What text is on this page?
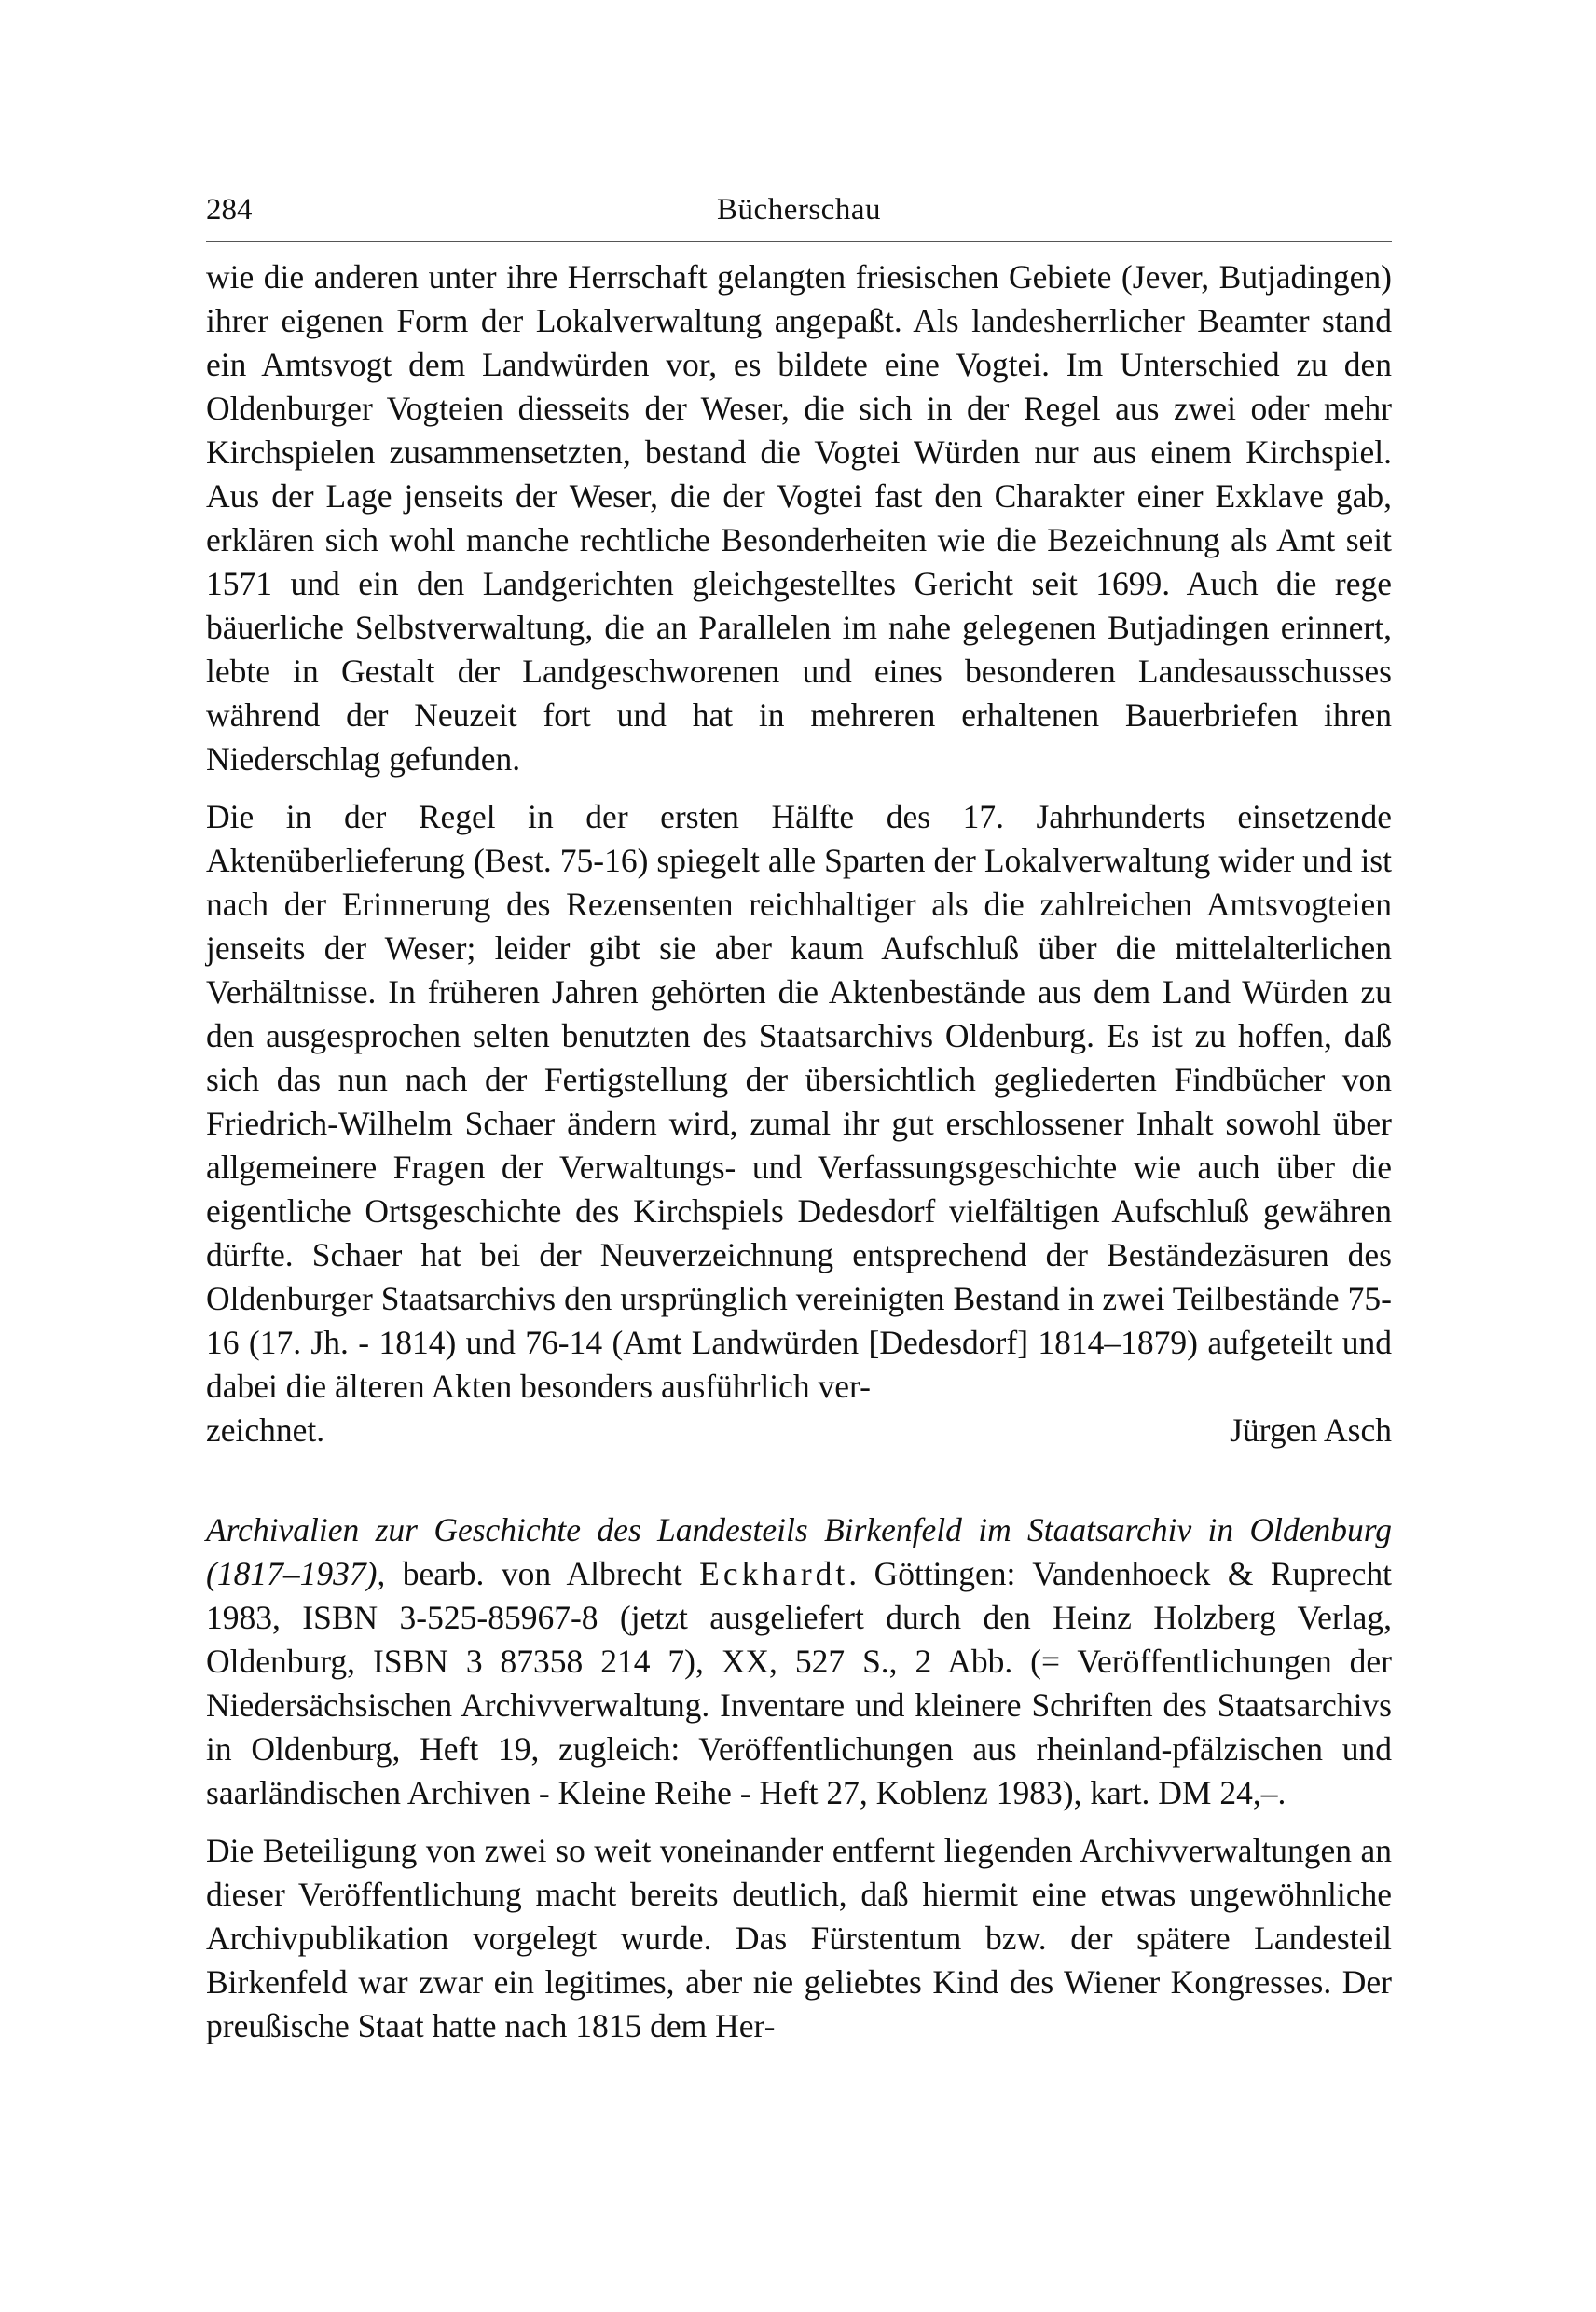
284	Bücherschau

wie die anderen unter ihre Herrschaft gelangten friesischen Gebiete (Jever, Butjadingen) ihrer eigenen Form der Lokalverwaltung angepaßt. Als landesherrlicher Beamter stand ein Amtsvogt dem Landwürden vor, es bildete eine Vogtei. Im Unterschied zu den Oldenburger Vogteien diesseits der Weser, die sich in der Regel aus zwei oder mehr Kirchspielen zusammensetzten, bestand die Vogtei Würden nur aus einem Kirchspiel. Aus der Lage jenseits der Weser, die der Vogtei fast den Charakter einer Exklave gab, erklären sich wohl manche rechtliche Besonderheiten wie die Bezeichnung als Amt seit 1571 und ein den Landgerichten gleichgestelltes Gericht seit 1699. Auch die rege bäuerliche Selbstverwaltung, die an Parallelen im nahe gelegenen Butjadingen erinnert, lebte in Gestalt der Landgeschworenen und eines besonderen Landesausschusses während der Neuzeit fort und hat in mehreren erhaltenen Bauerbriefen ihren Niederschlag gefunden.

Die in der Regel in der ersten Hälfte des 17. Jahrhunderts einsetzende Aktenüberlieferung (Best. 75-16) spiegelt alle Sparten der Lokalverwaltung wider und ist nach der Erinnerung des Rezensenten reichhaltiger als die zahlreichen Amtsvogteien jenseits der Weser; leider gibt sie aber kaum Aufschluß über die mittelalterlichen Verhältnisse. In früheren Jahren gehörten die Aktenbestände aus dem Land Würden zu den ausgesprochen selten benutzten des Staatsarchivs Oldenburg. Es ist zu hoffen, daß sich das nun nach der Fertigstellung der übersichtlich gegliederten Findbücher von Friedrich-Wilhelm Schaer ändern wird, zumal ihr gut erschlossener Inhalt sowohl über allgemeinere Fragen der Verwaltungs- und Verfassungsgeschichte wie auch über die eigentliche Ortsgeschichte des Kirchspiels Dedesdorf vielfältigen Aufschluß gewähren dürfte. Schaer hat bei der Neuverzeichnung entsprechend der Beständezäsuren des Oldenburger Staatsarchivs den ursprünglich vereinigten Bestand in zwei Teilbestände 75-16 (17. Jh. - 1814) und 76-14 (Amt Landwürden [Dedesdorf] 1814–1879) aufgeteilt und dabei die älteren Akten besonders ausführlich ver-

zeichnet.	Jürgen Asch

Archivalien zur Geschichte des Landesteils Birkenfeld im Staatsarchiv in Oldenburg (1817–1937), bearb. von Albrecht Eckhardt. Göttingen: Vandenhoeck & Ruprecht 1983, ISBN 3-525-85967-8 (jetzt ausgeliefert durch den Heinz Holzberg Verlag, Oldenburg, ISBN 3 87358 214 7), XX, 527 S., 2 Abb. (= Veröffentlichungen der Niedersächsischen Archivverwaltung. Inventare und kleinere Schriften des Staatsarchivs in Oldenburg, Heft 19, zugleich: Veröffentlichungen aus rheinland-pfälzischen und saarländischen Archiven - Kleine Reihe - Heft 27, Koblenz 1983), kart. DM 24,–.

Die Beteiligung von zwei so weit voneinander entfernt liegenden Archivverwaltungen an dieser Veröffentlichung macht bereits deutlich, daß hiermit eine etwas ungewöhnliche Archivpublikation vorgelegt wurde. Das Fürstentum bzw. der spätere Landesteil Birkenfeld war zwar ein legitimes, aber nie geliebtes Kind des Wiener Kongresses. Der preußische Staat hatte nach 1815 dem Her-
